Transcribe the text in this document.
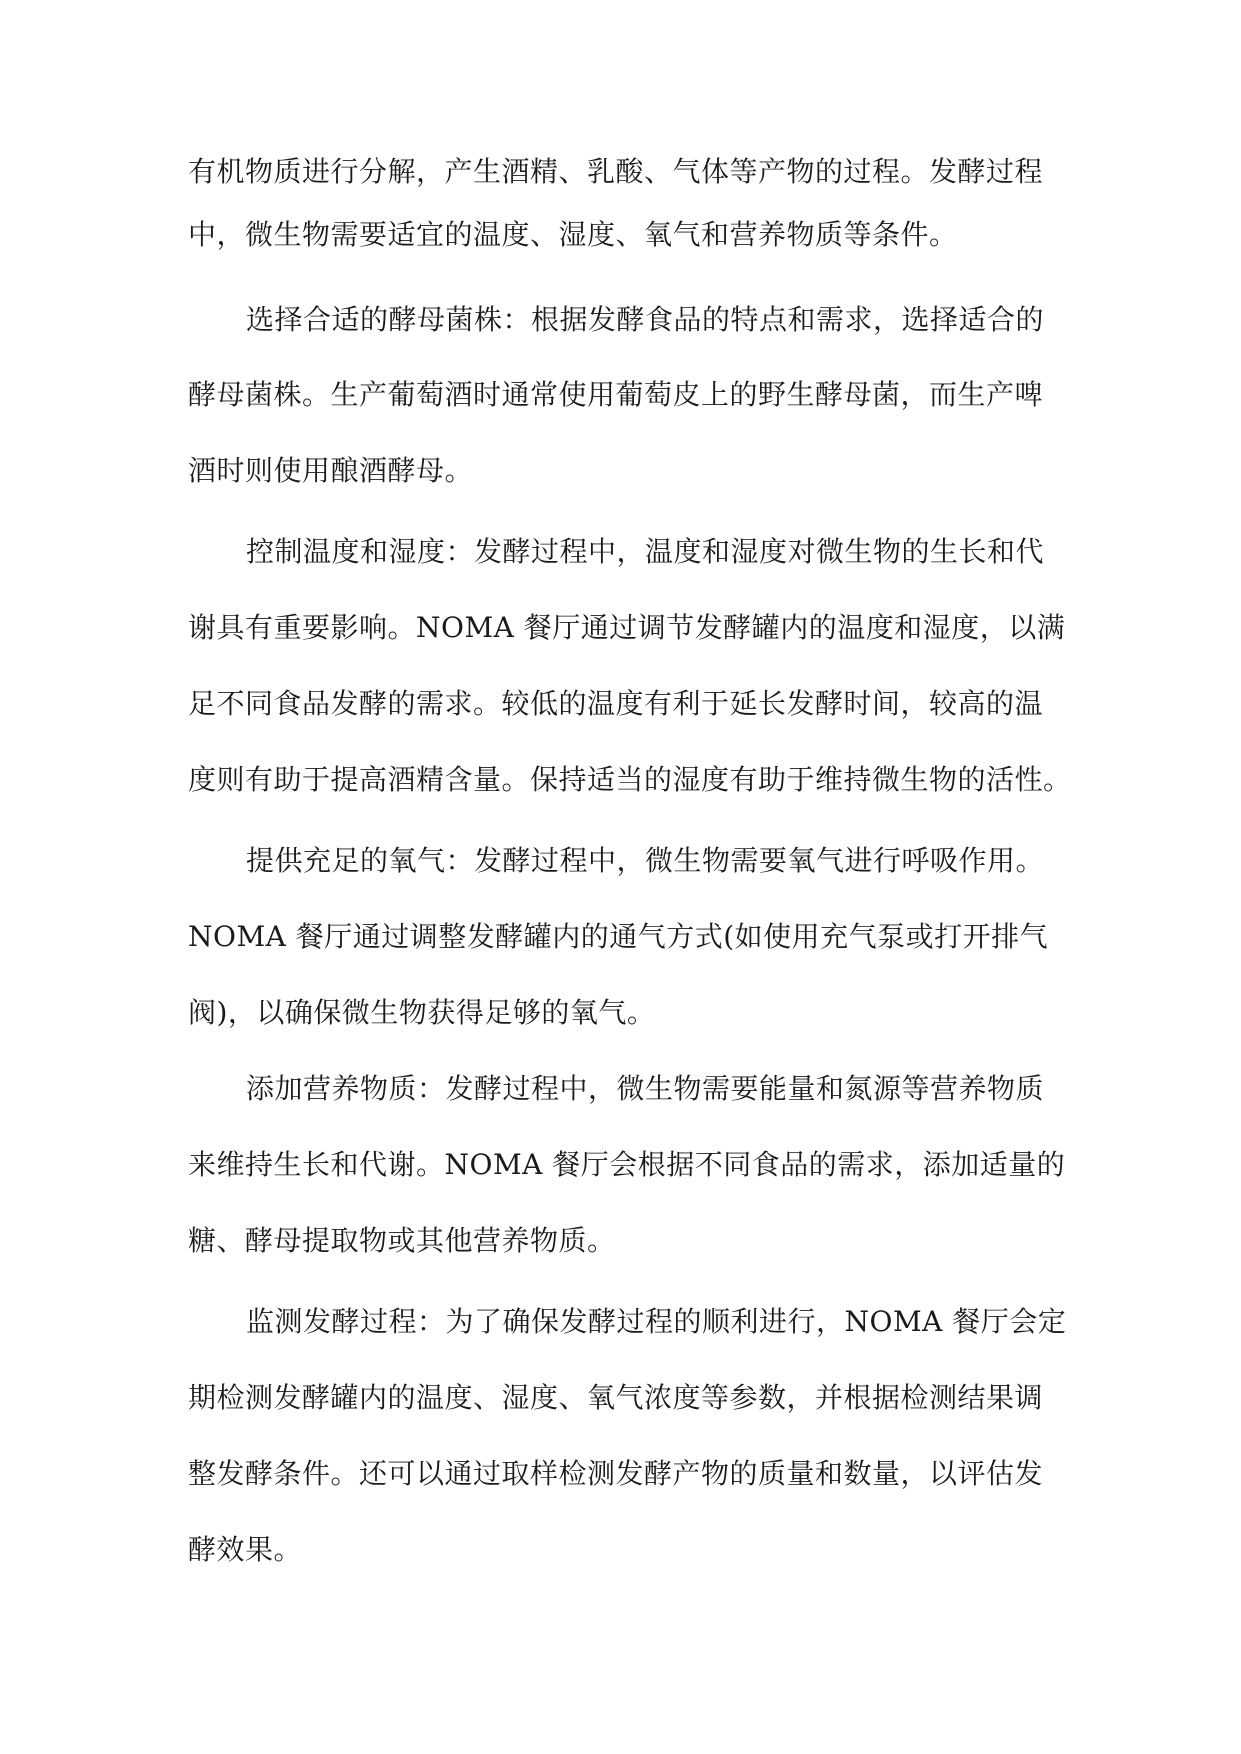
有机物质进行分解，产生酒精、乳酸、气体等产物的过程。发酵过程
中，微生物需要适宜的温度、湿度、氧气和营养物质等条件。
选择合适的酵母菌株：根据发酵食品的特点和需求，选择适合的
酵母菌株。生产葡萄酒时通常使用葡萄皮上的野生酵母菌，而生产啤
酒时则使用酿酒酵母。
控制温度和湿度：发酵过程中，温度和湿度对微生物的生长和代
谢具有重要影响。NOMA 餐厅通过调节发酵罐内的温度和湿度，以满
足不同食品发酵的需求。较低的温度有利于延长发酵时间，较高的温
度则有助于提高酒精含量。保持适当的湿度有助于维持微生物的活性。
提供充足的氧气：发酵过程中，微生物需要氧气进行呼吸作用。
NOMA 餐厅通过调整发酵罐内的通气方式(如使用充气泵或打开排气
阀)，以确保微生物获得足够的氧气。
添加营养物质：发酵过程中，微生物需要能量和氮源等营养物质
来维持生长和代谢。NOMA 餐厅会根据不同食品的需求，添加适量的
糖、酵母提取物或其他营养物质。
监测发酵过程：为了确保发酵过程的顺利进行，NOMA 餐厅会定
期检测发酵罐内的温度、湿度、氧气浓度等参数，并根据检测结果调
整发酵条件。还可以通过取样检测发酵产物的质量和数量，以评估发
酵效果。
